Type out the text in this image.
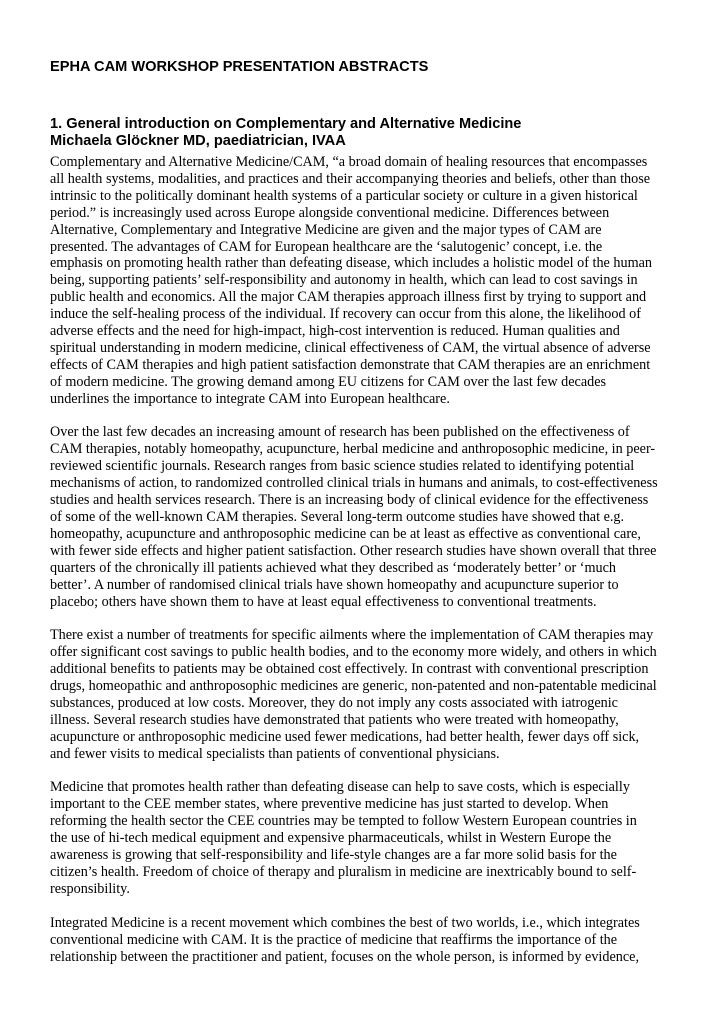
EPHA CAM WORKSHOP PRESENTATION ABSTRACTS
1. General introduction on Complementary and Alternative Medicine
Michaela Glöckner MD, paediatrician, IVAA

Complementary and Alternative Medicine/CAM, “a broad domain of healing resources that encompasses
all health systems, modalities, and practices and their accompanying theories and beliefs, other than those
intrinsic to the politically dominant health systems of a particular society or culture in a given historical
period.” is increasingly used across Europe alongside conventional medicine. Differences between
Alternative, Complementary and Integrative Medicine are given and the major types of CAM are
presented. The advantages of CAM for European healthcare are the ‘salutogenic’ concept, i.e. the
emphasis on promoting health rather than defeating disease, which includes a holistic model of the human
being, supporting patients’ self-responsibility and autonomy in health, which can lead to cost savings in
public health and economics. All the major CAM therapies approach illness first by trying to support and
induce the self-healing process of the individual. If recovery can occur from this alone, the likelihood of
adverse effects and the need for high-impact, high-cost intervention is reduced. Human qualities and
spiritual understanding in modern medicine, clinical effectiveness of CAM, the virtual absence of adverse
effects of CAM therapies and high patient satisfaction demonstrate that CAM therapies are an enrichment
of modern medicine. The growing demand among EU citizens for CAM over the last few decades
underlines the importance to integrate CAM into European healthcare.

Over the last few decades an increasing amount of research has been published on the effectiveness of
CAM therapies, notably homeopathy, acupuncture, herbal medicine and anthroposophic medicine, in peer-
reviewed scientific journals. Research ranges from basic science studies related to identifying potential
mechanisms of action, to randomized controlled clinical trials in humans and animals, to cost-effectiveness
studies and health services research. There is an increasing body of clinical evidence for the effectiveness
of some of the well-known CAM therapies. Several long-term outcome studies have showed that e.g.
homeopathy, acupuncture and anthroposophic medicine can be at least as effective as conventional care,
with fewer side effects and higher patient satisfaction. Other research studies have shown overall that three
quarters of the chronically ill patients achieved what they described as ‘moderately better’ or ‘much
better’. A number of randomised clinical trials have shown homeopathy and acupuncture superior to
placebo; others have shown them to have at least equal effectiveness to conventional treatments.

There exist a number of treatments for specific ailments where the implementation of CAM therapies may
offer significant cost savings to public health bodies, and to the economy more widely, and others in which
additional benefits to patients may be obtained cost effectively. In contrast with conventional prescription
drugs, homeopathic and anthroposophic medicines are generic, non-patented and non-patentable medicinal
substances, produced at low costs. Moreover, they do not imply any costs associated with iatrogenic
illness. Several research studies have demonstrated that patients who were treated with homeopathy,
acupuncture or anthroposophic medicine used fewer medications, had better health, fewer days off sick,
and fewer visits to medical specialists than patients of conventional physicians.

Medicine that promotes health rather than defeating disease can help to save costs, which is especially
important to the CEE member states, where preventive medicine has just started to develop. When
reforming the health sector the CEE countries may be tempted to follow Western European countries in
the use of hi-tech medical equipment and expensive pharmaceuticals, whilst in Western Europe the
awareness is growing that self-responsibility and life-style changes are a far more solid basis for the
citizen’s health. Freedom of choice of therapy and pluralism in medicine are inextricably bound to self-
responsibility.

Integrated Medicine is a recent movement which combines the best of two worlds, i.e., which integrates
conventional medicine with CAM. It is the practice of medicine that reaffirms the importance of the
relationship between the practitioner and patient, focuses on the whole person, is informed by evidence,
